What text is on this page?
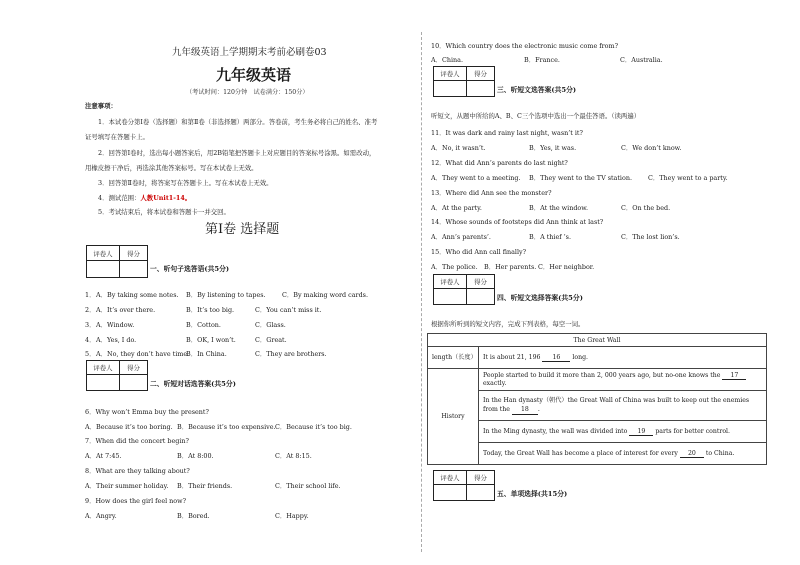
九年级英语上学期期末考前必刷卷03
九年级英语
（考试时间：120分钟　试卷满分：150分）
注意事项：
1．本试卷分第Ⅰ卷（选择题）和第Ⅱ卷（非选择题）两部分。答卷前，考生务必将自己的姓名、准考
证号填写在答题卡上。
2．回答第Ⅰ卷时，选出每小题答案后，用2B铅笔把答题卡上对应题目的答案标号涂黑。如需改动，
用橡皮擦干净后，再选涂其他答案标号。写在本试卷上无效。
3．回答第Ⅱ卷时，将答案写在答题卡上。写在本试卷上无效。
4．测试范围：人教Unit1-14。
5．考试结束后，将本试卷和答题卡一并交回。
第Ⅰ卷 选择题
评卷人	得分

一、听句子选答语(共5分)
1． A．By taking some notes. B．By listening to tapes.	C．By making word cards.
2． A．It’s over there.	B．It’s too big.	C．You can’t miss it.
3． A．Window.	B．Cotton.	C．Glass.
4． A．Yes, I do.	B．OK, I won’t.	C．Great.
5． A．No, they don’t have time.
B．In China.	C．They are brothers.
评卷人	得分

二、听短对话选答案(共5分)
6．Why won’t Emma buy the present?
A．Because it’s too boring. B．Because it’s too expensive. C．Because it’s too big.
7．When did the concert begin?
A．At 7:45.	B．At 8:00.	C．At 8:15.
8．What are they talking about?
A．Their summer holiday. B．Their friends.	C．Their school life.
9．How does the girl feel now?
A．Angry.	B．Bored.	C．Happy.
10．Which country does the electronic music come from?
A．China.	B．France.	C．Australia.
评卷人	得分

三、听短文选答案(共5分)
听短文，从题中所给的A、B、C三个选项中选出一个最佳答语。（读两遍）
11．It was dark and rainy last night, wasn’t it?
A．No, it wasn’t.	B．Yes, it was.	C．We don’t know.
12．What did Ann’s parents do last night?
A．They went to a meeting. B．They went to the TV station.	C．They went to a party.
13．Where did Ann see the monster?
A．At the party.	B．At the window.	C．On the bed.
14．Whose sounds of footsteps did Ann think at last?
A．Ann’s parents’.	B．A thief ’s.	C．The lost lion’s.
15．Who did Ann call finally?
A．The police. B．Her parents. C．Her neighbor.
评卷人	得分

四、听短文选择答案(共5分)
根据你所听到的短文内容，完成下列表格，每空一词。
The Great Wall	
length（长度）	It is about 21, 196 16 long.
History	People started to build it more than 2, 000 years ago, but no-one knows the 17 exactly.
	In the Han dynasty（朝代）the Great Wall of China was built to keep out the enemies from the 18 .
	In the Ming dynasty, the wall was divided into 19 parts for better control.
	Today, the Great Wall has become a place of interest for every 20 to China.
评卷人	得分

五、单项选择(共15分)
